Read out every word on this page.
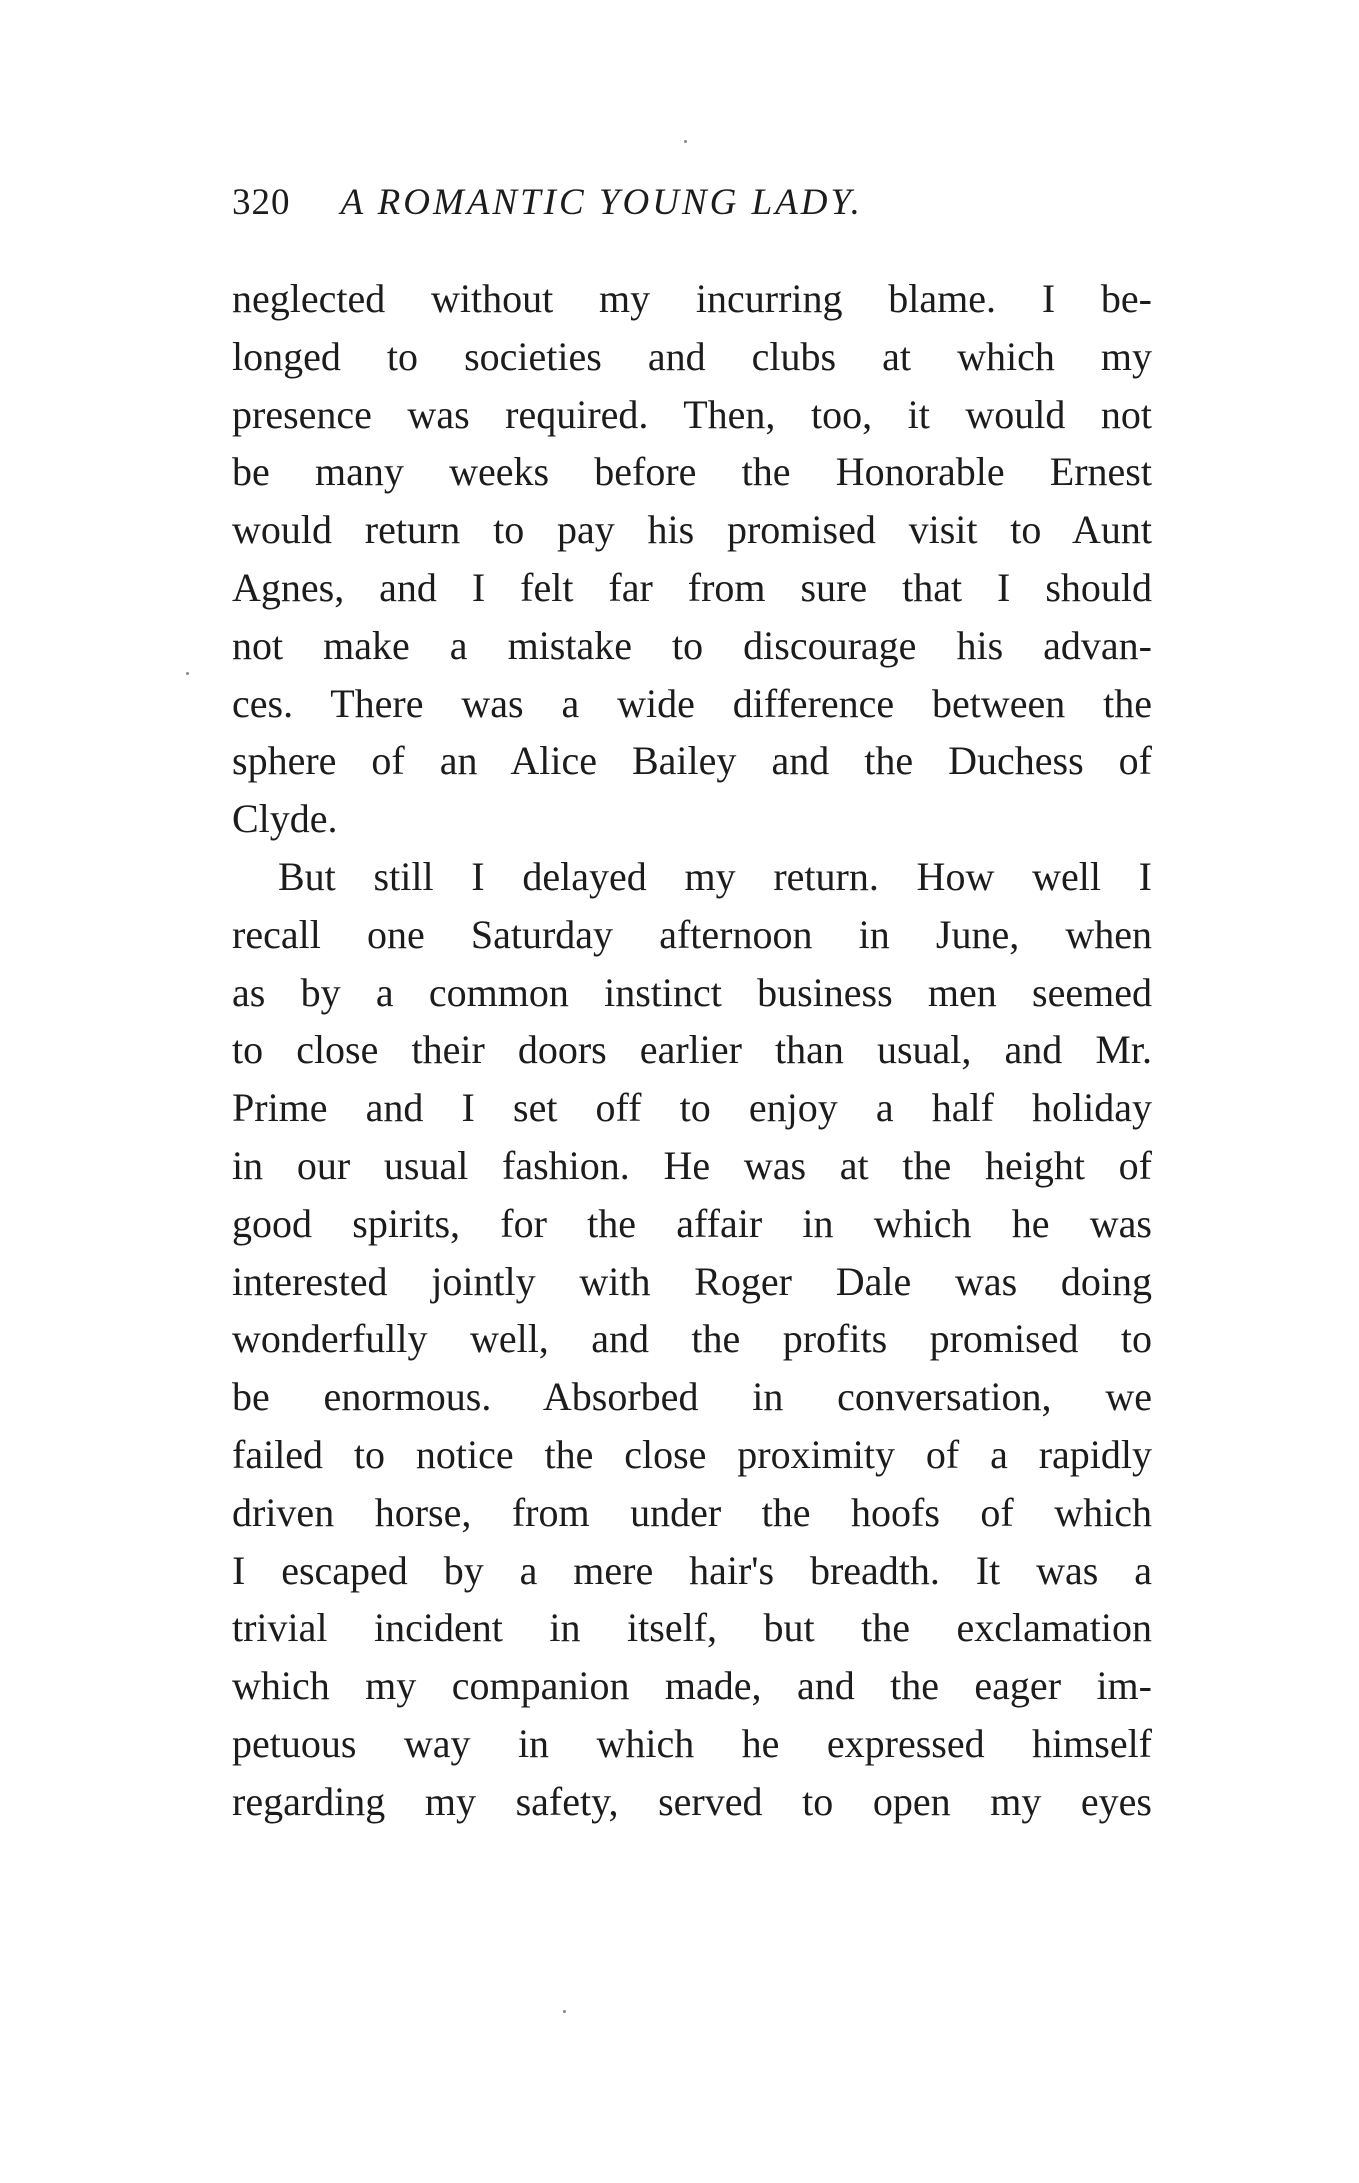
320 A ROMANTIC YOUNG LADY.
neglected without my incurring blame. I be-
longed to societies and clubs at which my
presence was required. Then, too, it would not
be many weeks before the Honorable Ernest
would return to pay his promised visit to Aunt
Agnes, and I felt far from sure that I should
not make a mistake to discourage his advan-
ces. There was a wide difference between the
sphere of an Alice Bailey and the Duchess of
Clyde.
But still I delayed my return. How well I
recall one Saturday afternoon in June, when
as by a common instinct business men seemed
to close their doors earlier than usual, and Mr.
Prime and I set off to enjoy a half holiday
in our usual fashion. He was at the height of
good spirits, for the affair in which he was
interested jointly with Roger Dale was doing
wonderfully well, and the profits promised to
be enormous. Absorbed in conversation, we
failed to notice the close proximity of a rapidly
driven horse, from under the hoofs of which
I escaped by a mere hair's breadth. It was a
trivial incident in itself, but the exclamation
which my companion made, and the eager im-
petuous way in which he expressed himself
regarding my safety, served to open my eyes
